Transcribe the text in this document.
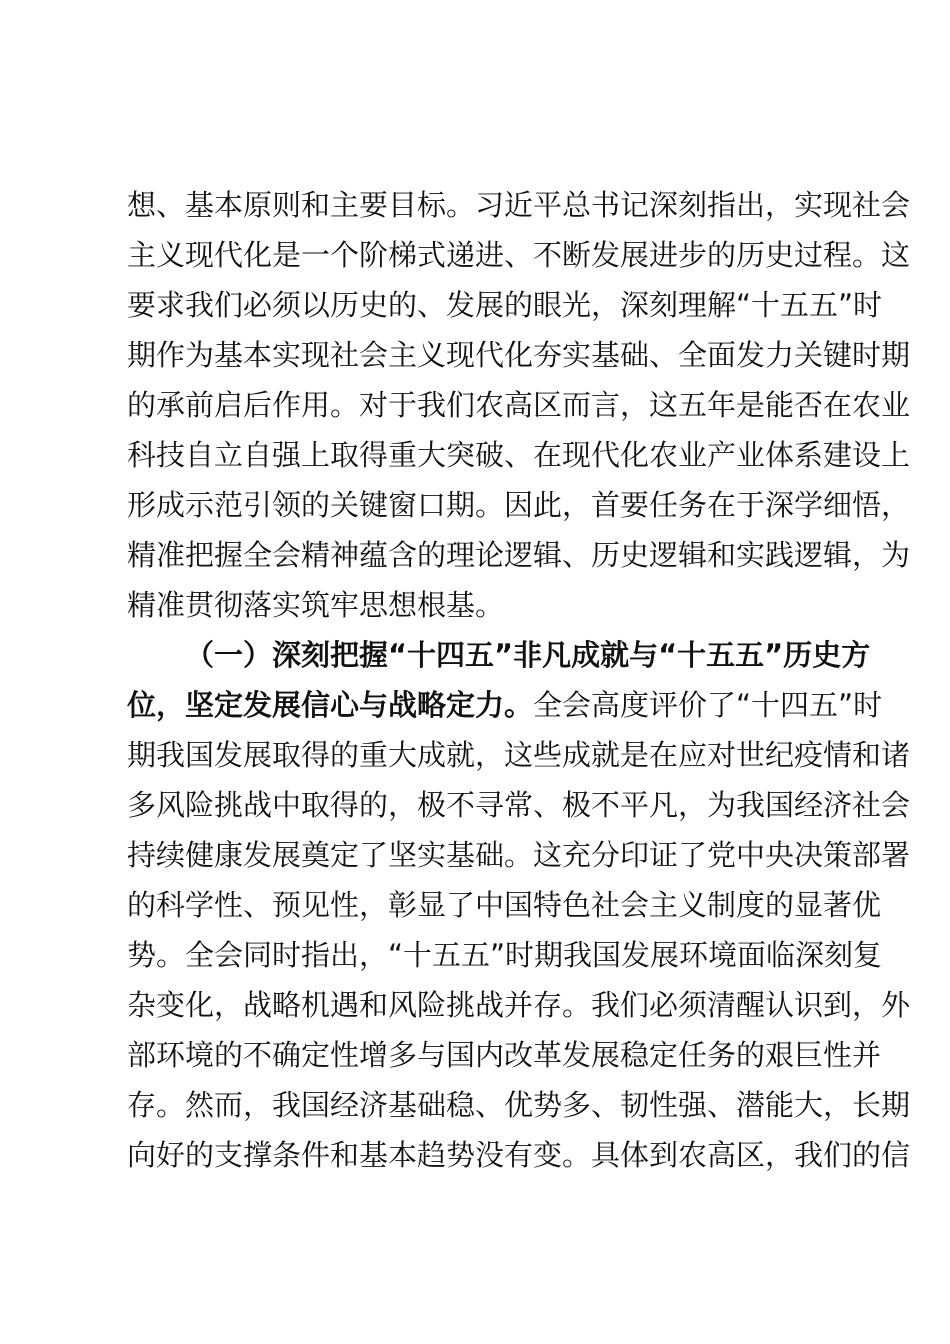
想、基本原则和主要目标。习近平总书记深刻指出，实现社会
主义现代化是一个阶梯式递进、不断发展进步的历史过程。这
要求我们必须以历史的、发展的眼光，深刻理解“十五五”时
期作为基本实现社会主义现代化夯实基础、全面发力关键时期
的承前启后作用。对于我们农高区而言，这五年是能否在农业
科技自立自强上取得重大突破、在现代化农业产业体系建设上
形成示范引领的关键窗口期。因此，首要任务在于深学细悟，
精准把握全会精神蕴含的理论逻辑、历史逻辑和实践逻辑，为
精准贯彻落实筑牢思想根基。
（一）深刻把握“十四五”非凡成就与“十五五”历史方
位，坚定发展信心与战略定力。全会高度评价了“十四五”时
期我国发展取得的重大成就，这些成就是在应对世纪疫情和诸
多风险挑战中取得的，极不寻常、极不平凡，为我国经济社会
持续健康发展奠定了坚实基础。这充分印证了党中央决策部署
的科学性、预见性，彰显了中国特色社会主义制度的显著优
势。全会同时指出，“十五五”时期我国发展环境面临深刻复
杂变化，战略机遇和风险挑战并存。我们必须清醒认识到，外
部环境的不确定性增多与国内改革发展稳定任务的艰巨性并
存。然而，我国经济基础稳、优势多、韧性强、潜能大，长期
向好的支撑条件和基本趋势没有变。具体到农高区，我们的信
